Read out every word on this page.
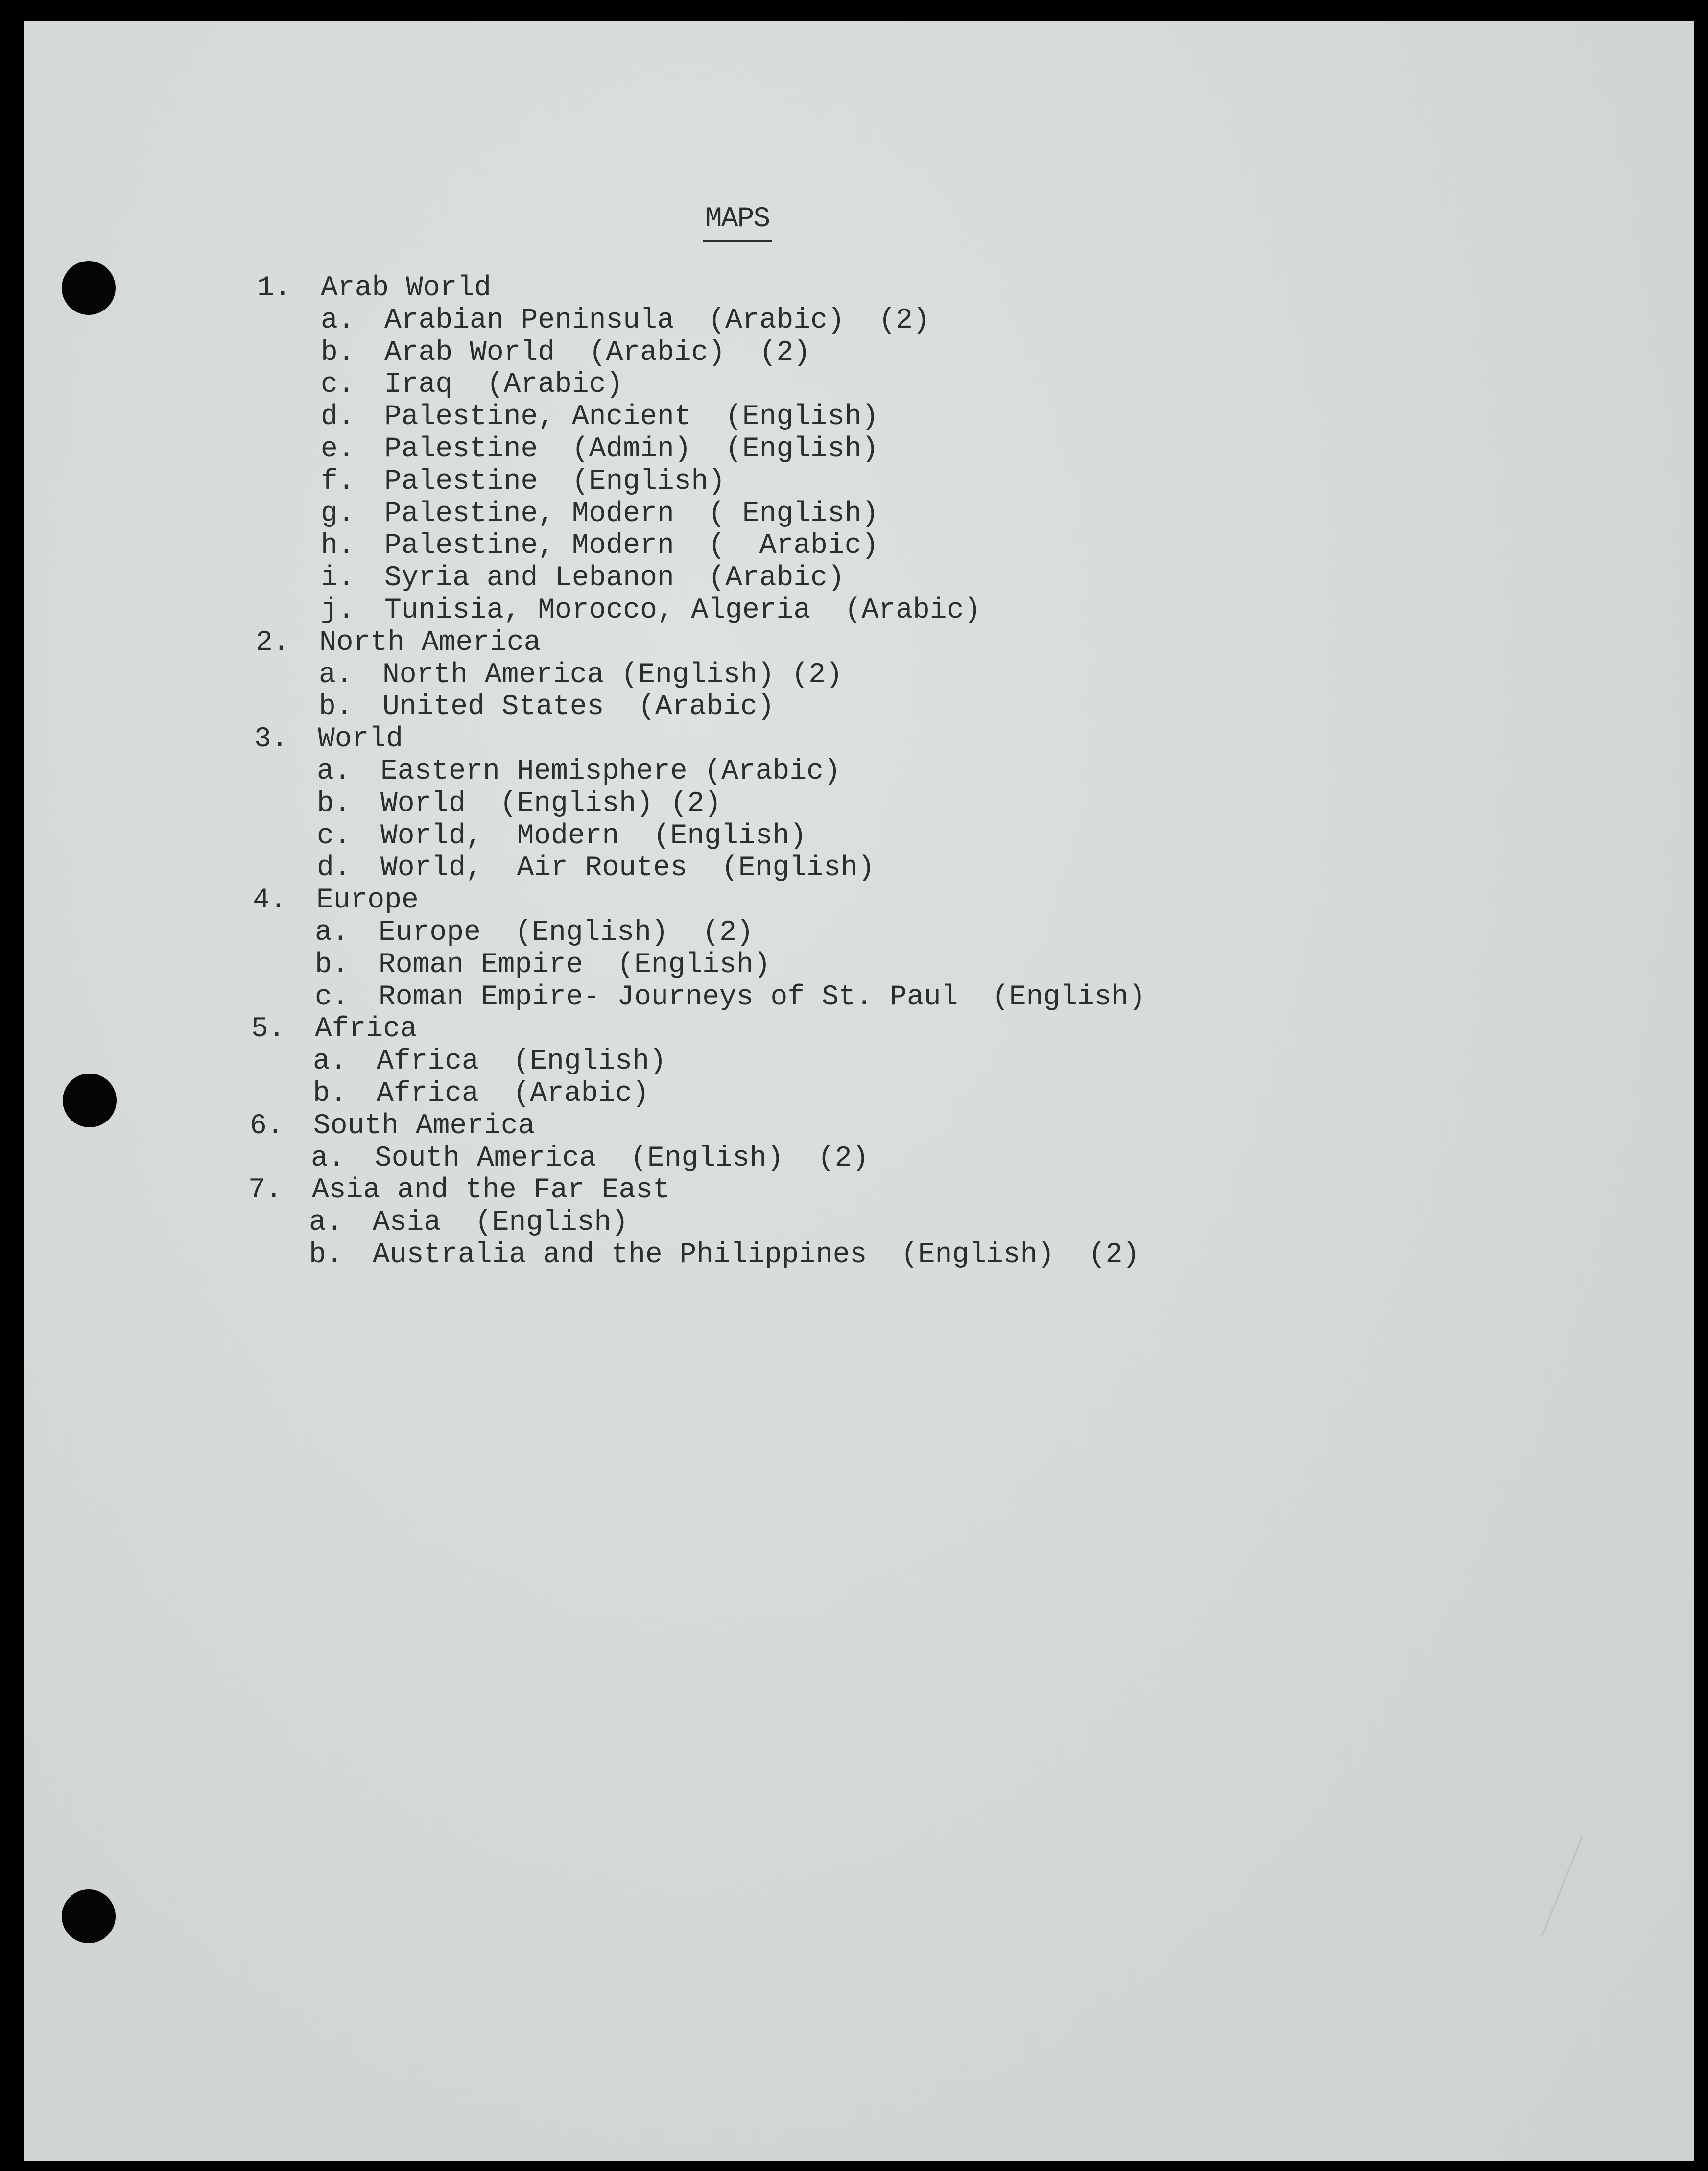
MAPS
1. Arab World
a. Arabian Peninsula  (Arabic)  (2)
b. Arab World  (Arabic)  (2)
c. Iraq  (Arabic)
d. Palestine, Ancient  (English)
e. Palestine  (Admin)  (English)
f. Palestine  (English)
g. Palestine, Modern  ( English)
h. Palestine, Modern  (  Arabic)
i. Syria and Lebanon  (Arabic)
j. Tunisia, Morocco, Algeria  (Arabic)
2. North America
a. North America (English) (2)
b. United States  (Arabic)
3. World
a. Eastern Hemisphere (Arabic)
b. World  (English) (2)
c. World,  Modern  (English)
d. World,  Air Routes  (English)
4. Europe
a. Europe  (English)  (2)
b. Roman Empire  (English)
c. Roman Empire- Journeys of St. Paul  (English)
5. Africa
a. Africa  (English)
b. Africa  (Arabic)
6. South America
a. South America  (English)  (2)
7. Asia and the Far East
a. Asia  (English)
b. Australia and the Philippines  (English)  (2)
